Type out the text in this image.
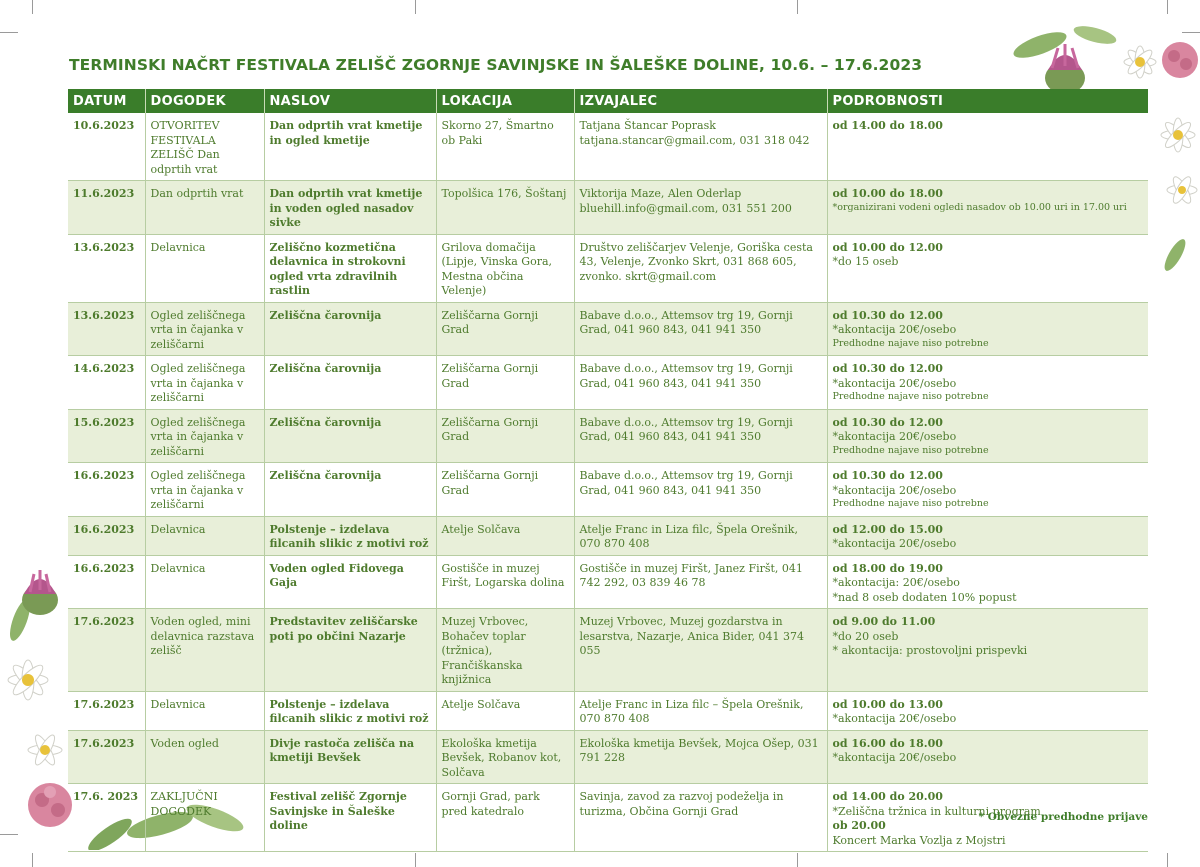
TERMINSKI NAČRT FESTIVALA ZELIŠČ ZGORNJE SAVINJSKE IN ŠALEŠKE DOLINE, 10.6. – 17.6.2023
DATUM	DOGODEK	NASLOV	LOKACIJA	IZVAJALEC	PODROBNOSTI
10.6.2023	OTVORITEV FESTIVALA ZELIŠČ Dan odprtih vrat	Dan odprtih vrat kmetije in ogled kmetije	Skorno 27, Šmartno ob Paki	Tatjana Štancar Poprask tatjana.stancar@gmail.com, 031 318 042	od 14.00 do 18.00

11.6.2023	Dan odprtih vrat	Dan odprtih vrat kmetije in voden ogled nasadov sivke	Topolšica 176, Šoštanj	Viktorija Maze, Alen Oderlap bluehill.info@gmail.com, 031 551 200	od 10.00 do 18.00
*organizirani vodeni ogledi nasadov ob 10.00 uri in 17.00 uri

13.6.2023	Delavnica	Zeliščno kozmetična delavnica in strokovni ogled vrta zdravilnih rastlin	Grilova domačija (Lipje, Vinska Gora, Mestna občina Velenje)	Društvo zeliščarjev Velenje, Goriška cesta 43, Velenje, Zvonko Skrt, 031 868 605, zvonko. skrt@gmail.com	od 10.00 do 12.00
*do 15 oseb

13.6.2023	Ogled zeliščnega vrta in čajanka v zeliščarni	Zeliščna čarovnija	Zeliščarna Gornji Grad	Babave d.o.o., Attemsov trg 19, Gornji Grad, 041 960 843, 041 941 350	od 10.30 do 12.00
*akontacija 20€/osebo
Predhodne najave niso potrebne

14.6.2023	Ogled zeliščnega vrta in čajanka v zeliščarni	Zeliščna čarovnija	Zeliščarna Gornji Grad	Babave d.o.o., Attemsov trg 19, Gornji Grad, 041 960 843, 041 941 350	od 10.30 do 12.00
*akontacija 20€/osebo
Predhodne najave niso potrebne

15.6.2023	Ogled zeliščnega vrta in čajanka v zeliščarni	Zeliščna čarovnija	Zeliščarna Gornji Grad	Babave d.o.o., Attemsov trg 19, Gornji Grad, 041 960 843, 041 941 350	od 10.30 do 12.00
*akontacija 20€/osebo
Predhodne najave niso potrebne

16.6.2023	Ogled zeliščnega vrta in čajanka v zeliščarni	Zeliščna čarovnija	Zeliščarna Gornji Grad	Babave d.o.o., Attemsov trg 19, Gornji Grad, 041 960 843, 041 941 350	od 10.30 do 12.00
*akontacija 20€/osebo
Predhodne najave niso potrebne

16.6.2023	Delavnica	Polstenje – izdelava filcanih slikic z motivi rož	Atelje Solčava	Atelje Franc in Liza filc, Špela Orešnik, 070 870 408	od 12.00 do 15.00
*akontacija 20€/osebo

16.6.2023	Delavnica	Voden ogled Fidovega Gaja	Gostišče in muzej Firšt, Logarska dolina	Gostišče in muzej Firšt, Janez Firšt, 041 742 292, 03 839 46 78	od 18.00 do 19.00
*akontacija: 20€/osebo
*nad 8 oseb dodaten 10% popust

17.6.2023	Voden ogled, mini delavnica razstava zelišč	Predstavitev zeliščarske poti po občini Nazarje	Muzej Vrbovec, Bohačev toplar (tržnica), Frančiškanska knjižnica	Muzej Vrbovec, Muzej gozdarstva in lesarstva, Nazarje, Anica Bider, 041 374 055	od 9.00 do 11.00
*do 20 oseb
* akontacija: prostovoljni prispevki

17.6.2023	Delavnica	Polstenje – izdelava filcanih slikic z motivi rož	Atelje Solčava	Atelje Franc in Liza filc – Špela Orešnik, 070 870 408	od 10.00 do 13.00
*akontacija 20€/osebo

17.6.2023	Voden ogled	Divje rastoča zelišča na kmetiji Bevšek	Ekološka kmetija Bevšek, Robanov kot, Solčava	Ekološka kmetija Bevšek, Mojca Ošep, 031 791 228	od 16.00 do 18.00
*akontacija 20€/osebo

17.6. 2023	ZAKLJUČNI DOGODEK	Festival zelišč Zgornje Savinjske in Šaleške doline	Gornji Grad, park pred katedralo	Savinja, zavod za razvoj podeželja in turizma, Občina Gornji Grad	od 14.00 do 20.00
*Zeliščna tržnica in kulturni program
ob 20.00
Koncert Marka Vozlja z Mojstri
* Obvezne predhodne prijave
